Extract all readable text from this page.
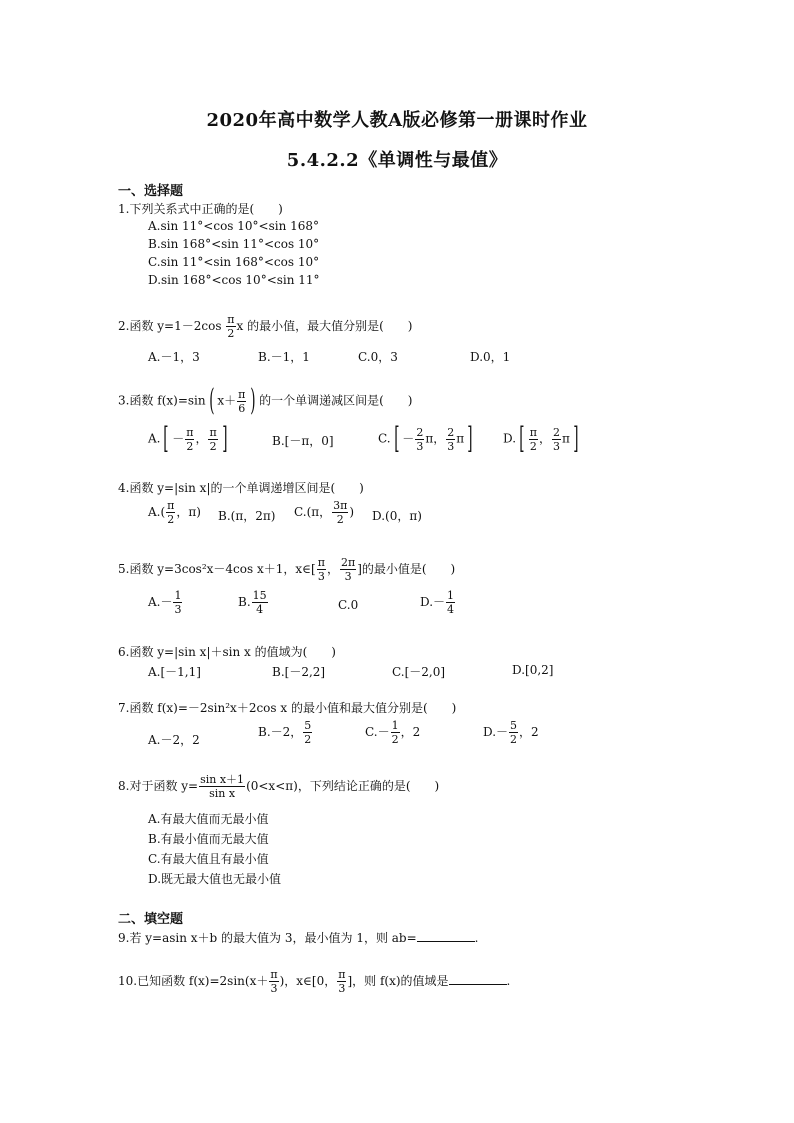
2020年高中数学人教A版必修第一册课时作业
5.4.2.2《单调性与最值》
一、选择题
1.下列关系式中正确的是(　　)
A.sin 11°<cos 10°<sin 168°
B.sin 168°<sin 11°<cos 10°
C.sin 11°<sin 168°<cos 10°
D.sin 168°<cos 10°<sin 11°
2.函数 $y=1-2\cos \frac{\pi}{2}$ x 的最小值，最大值分别是(　　)
A.－1，3	B.－1，1	C.0，3	D.0，1
3.函数 f(x)=sin ( $x+ \frac{\pi}{6}$ ) 的一个单调递减区间是(　　)
A. [ － $\frac{\pi}{2}$ ， $\frac{\pi}{2}$ ]	B.[－π，0]	C. [ － $\frac{2}{3}$ π， $\frac{2}{3}$ π ]	D. [ $\frac{\pi}{2}$ ， $\frac{2}{3}$ π ]
4.函数 y=|sin x|的一个单调递增区间是(　　)
$A.( \frac{\pi}{2}$ ，π) B.(π，2π) C.(π， $\frac{3\pi}{2}$ ) D.(0，π)
5.函数 y=3cos²x－4cos x＋1，x∈[ $\frac{\pi}{3}$ ， $\frac{2\pi}{3}$ ]的最小值是(　　)
$A.- \frac{1}{3}$	B. $\frac{15}{4}$	C.0	$D.- \frac{1}{4}$
6.函数 y=|sin x|＋sin x 的值域为(　　)
A.[－1,1]	B.[－2,2]	C.[－2,0]	D.[0,2]
7.函数 f(x)=－2sin²x＋2cos x 的最小值和最大值分别是(　　)
A.－2，2
B.－2， $\frac{5}{2}$	$C.- \frac{1}{2}$ ，2	$D.- \frac{5}{2}$ ，2
8.对于函数 $y= \frac{\text{sin x＋1}}{\text{sin x}} (0<x<\pi)$，下列结论正确的是(　　)
A.有最大值而无最小值
B.有最小值而无最大值
C.有最大值且有最小值
D.既无最大值也无最小值
二、填空题
9.若 y=asin x＋b 的最大值为 3，最小值为 1，则 ab=	.
10.已知函数 $f(x)=2\sin(x+ \frac{\pi}{3}$ )，x∈[0， $\frac{\pi}{3}$ ]，则 f(x)的值域是	.
